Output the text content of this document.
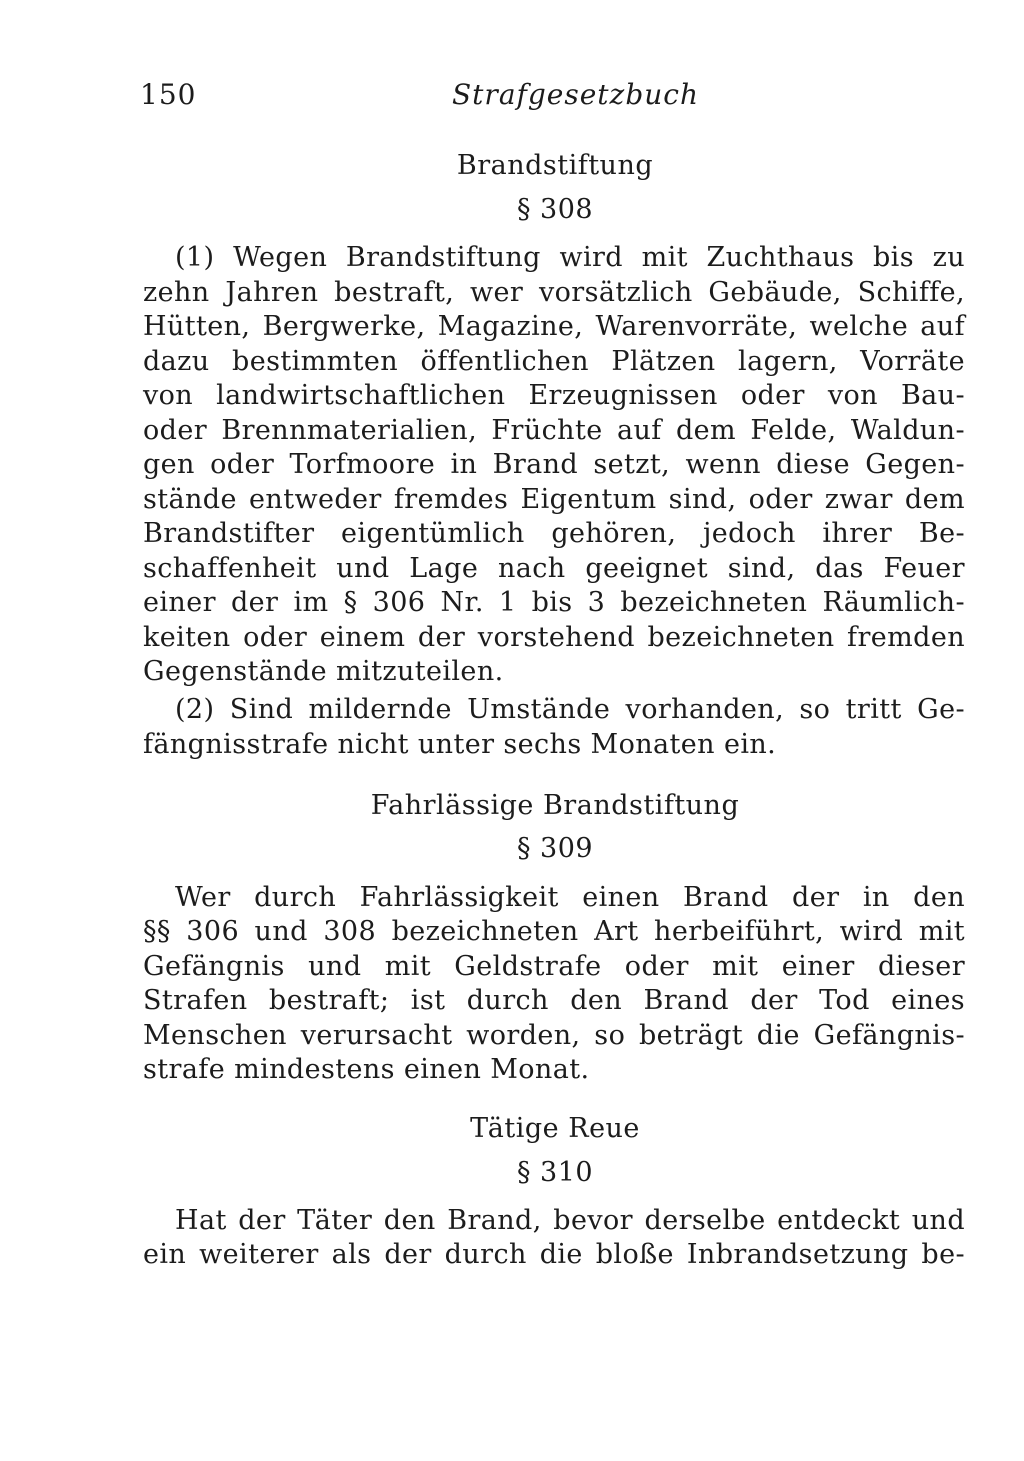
150	Strafgesetzbuch
Brandstiftung
§ 308
(1) Wegen Brandstiftung wird mit Zuchthaus bis zu
zehn Jahren bestraft, wer vorsätzlich Gebäude, Schiffe,
Hütten, Bergwerke, Magazine, Warenvorräte, welche auf
dazu bestimmten öffentlichen Plätzen lagern, Vorräte
von landwirtschaftlichen Erzeugnissen oder von Bau-
oder Brennmaterialien, Früchte auf dem Felde, Waldun-
gen oder Torfmoore in Brand setzt, wenn diese Gegen-
stände entweder fremdes Eigentum sind, oder zwar dem
Brandstifter eigentümlich gehören, jedoch ihrer Be-
schaffenheit und Lage nach geeignet sind, das Feuer
einer der im § 306 Nr. 1 bis 3 bezeichneten Räumlich-
keiten oder einem der vorstehend bezeichneten fremden
Gegenstände mitzuteilen.
(2) Sind mildernde Umstände vorhanden, so tritt Ge-
fängnisstrafe nicht unter sechs Monaten ein.
Fahrlässige Brandstiftung
§ 309
Wer durch Fahrlässigkeit einen Brand der in den
§§ 306 und 308 bezeichneten Art herbeiführt, wird mit
Gefängnis und mit Geldstrafe oder mit einer dieser
Strafen bestraft; ist durch den Brand der Tod eines
Menschen verursacht worden, so beträgt die Gefängnis-
strafe mindestens einen Monat.
Tätige Reue
§ 310
Hat der Täter den Brand, bevor derselbe entdeckt und
ein weiterer als der durch die bloße Inbrandsetzung be-
